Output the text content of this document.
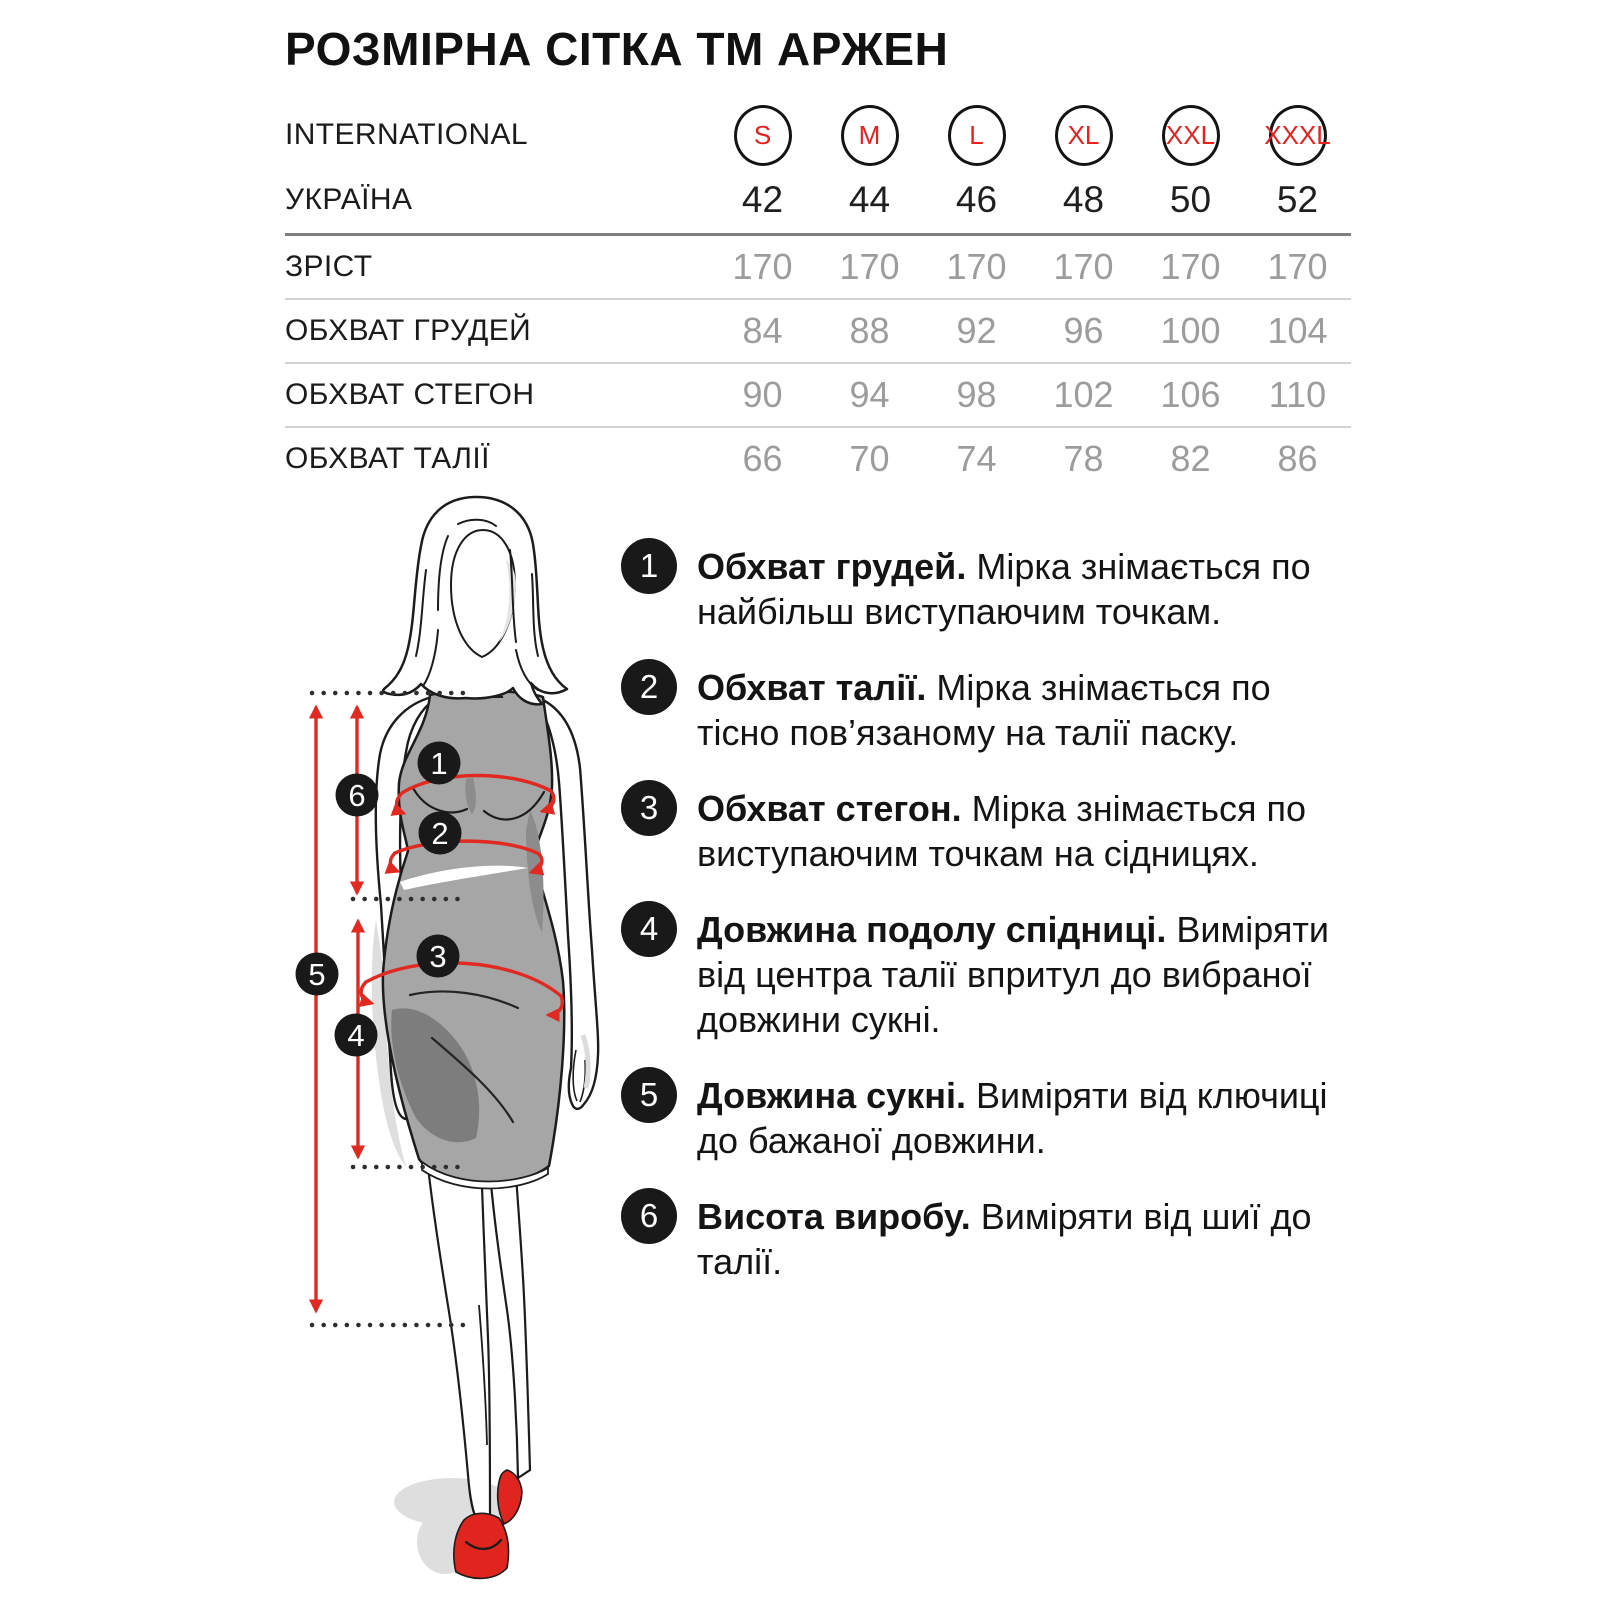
РОЗМІРНА СІТКА ТМ АРЖЕН
INTERNATIONAL	S	M	L	XL	XXL XXXL
УКРАЇНА	42	44	46	48	50	52
ЗРІСТ	170	170	170	170	170	170
ОБХВАТ ГРУДЕЙ	84	88	92	96	100	104
ОБХВАТ СТЕГОН	90	94	98	102	106	110
ОБХВАТ ТАЛІЇ	66	70	74	78	82	86
1	Обхват грудей. Мірка знімається по найбільш виступаючим точкам.
2	Обхват талії. Мірка знімається по тісно пов’язаному на талії паску.
3	Обхват стегон. Мірка знімається по виступаючим точкам на сідницях.
4	Довжина подолу спідниці. Виміряти від центра талії впритул до вибраної довжини сукні.
5	Довжина сукні. Виміряти від ключиці до бажаної довжини.
6	Висота виробу. Виміряти від шиї до талії.
1
2
3
4
5
6
